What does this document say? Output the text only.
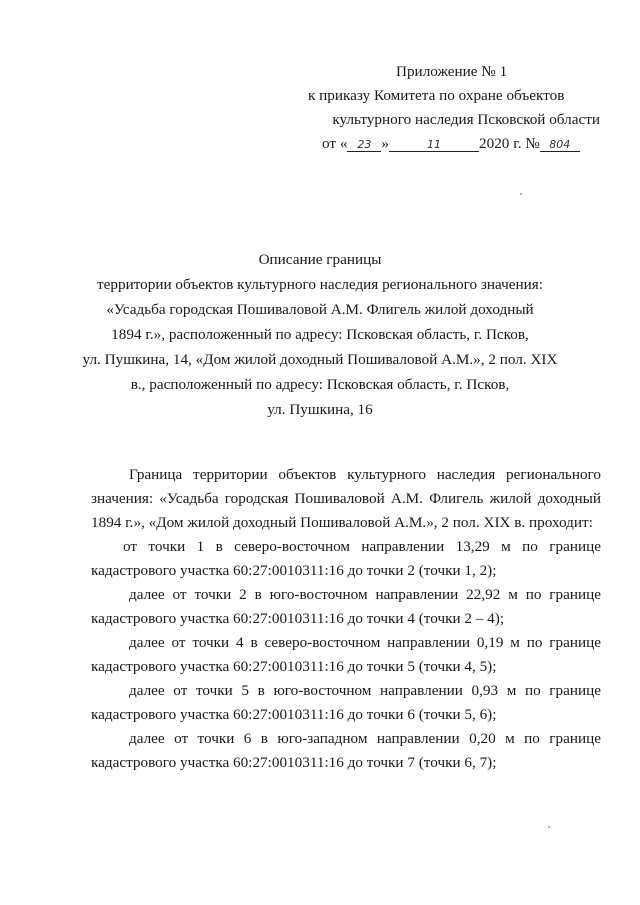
Приложение № 1
к приказу Комитета по охране объектов
культурного наследия Псковской области
от « 23 »	11	2020 г. № 804
Описание границы
территории объектов культурного наследия регионального значения:
«Усадьба городская Пошиваловой А.М. Флигель жилой доходный
1894 г.», расположенный по адресу: Псковская область, г. Псков,
ул. Пушкина, 14, «Дом жилой доходный Пошиваловой А.М.», 2 пол. XIX
в., расположенный по адресу: Псковская область, г. Псков,
ул. Пушкина, 16

Граница территории объектов культурного наследия регионального значения: «Усадьба городская Пошиваловой А.М. Флигель жилой доходный 1894 г.», «Дом жилой доходный Пошиваловой А.М.», 2 пол. XIX в. проходит:

от точки 1 в северо-восточном направлении 13,29 м по границе кадастрового участка 60:27:0010311:16 до точки 2 (точки 1, 2);

далее от точки 2 в юго-восточном направлении 22,92 м по границе кадастрового участка 60:27:0010311:16 до точки 4 (точки 2 – 4);

далее от точки 4 в северо-восточном направлении 0,19 м по границе кадастрового участка 60:27:0010311:16 до точки 5 (точки 4, 5);

далее от точки 5 в юго-восточном направлении 0,93 м по границе кадастрового участка 60:27:0010311:16 до точки 6 (точки 5, 6);

далее от точки 6 в юго-западном направлении 0,20 м по границе кадастрового участка 60:27:0010311:16 до точки 7 (точки 6, 7);
